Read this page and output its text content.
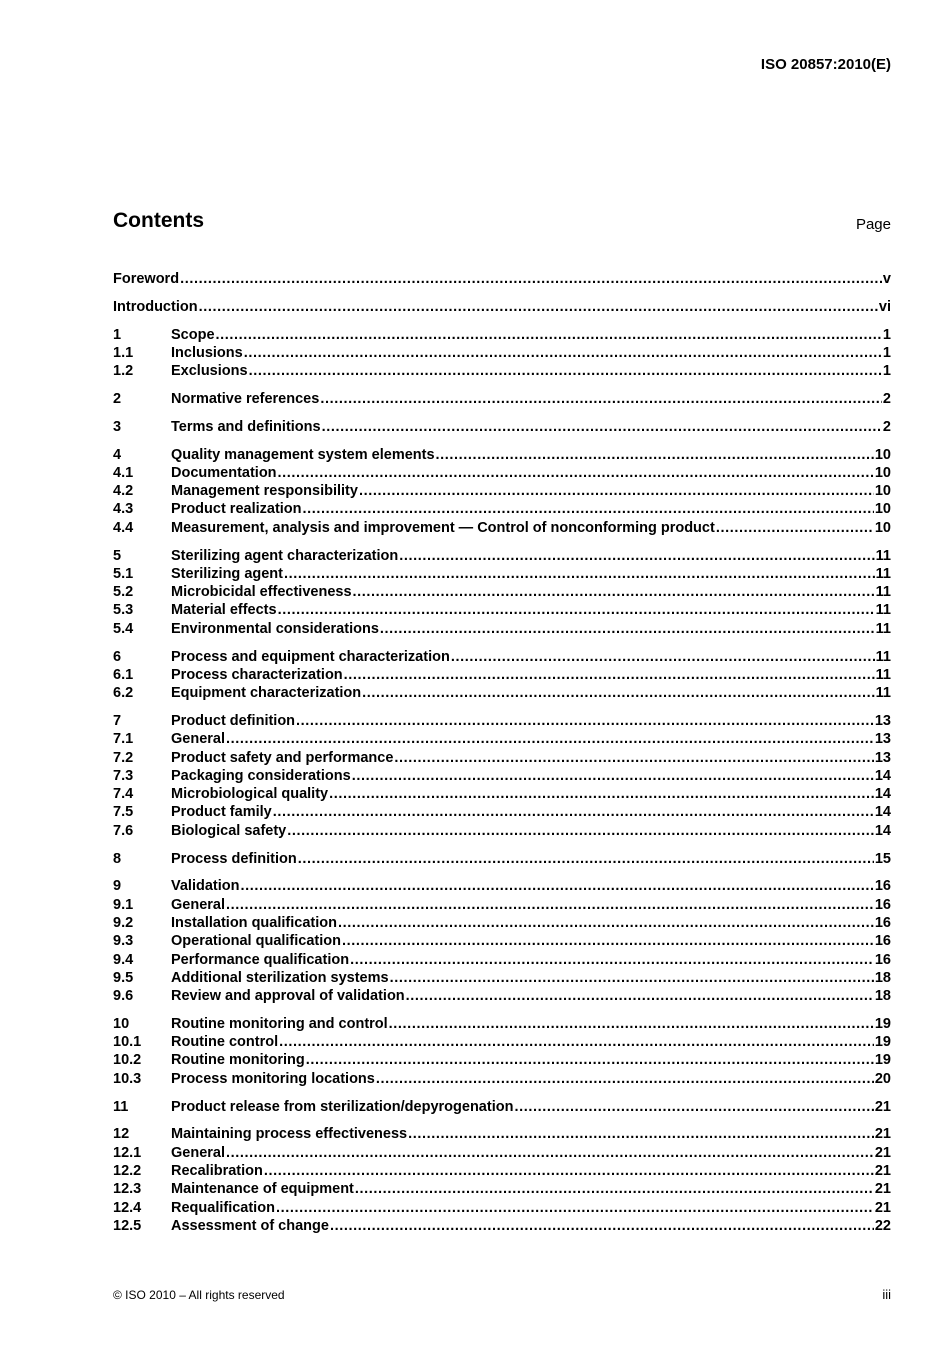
ISO 20857:2010(E)
Contents	Page
Foreword .....	v
Introduction .....	vi
1	Scope .....	1
1.1	Inclusions .....	1
1.2	Exclusions .....	1
2	Normative references .....	2
3	Terms and definitions .....	2
4	Quality management system elements .....	10
4.1	Documentation .....	10
4.2	Management responsibility .....	10
4.3	Product realization .....	10
4.4	Measurement, analysis and improvement — Control of nonconforming product .....	10
5	Sterilizing agent characterization .....	11
5.1	Sterilizing agent .....	11
5.2	Microbicidal effectiveness .....	11
5.3	Material effects .....	11
5.4	Environmental considerations .....	11
6	Process and equipment characterization .....	11
6.1	Process characterization .....	11
6.2	Equipment characterization .....	11
7	Product definition .....	13
7.1	General .....	13
7.2	Product safety and performance .....	13
7.3	Packaging considerations .....	14
7.4	Microbiological quality .....	14
7.5	Product family .....	14
7.6	Biological safety .....	14
8	Process definition .....	15
9	Validation .....	16
9.1	General .....	16
9.2	Installation qualification .....	16
9.3	Operational qualification .....	16
9.4	Performance qualification .....	16
9.5	Additional sterilization systems .....	18
9.6	Review and approval of validation .....	18
10	Routine monitoring and control .....	19
10.1	Routine control .....	19
10.2	Routine monitoring .....	19
10.3	Process monitoring locations .....	20
11	Product release from sterilization/depyrogenation .....	21
12	Maintaining process effectiveness .....	21
12.1	General .....	21
12.2	Recalibration .....	21
12.3	Maintenance of equipment .....	21
12.4	Requalification .....	21
12.5	Assessment of change .....	22
© ISO 2010 – All rights reserved	iii
